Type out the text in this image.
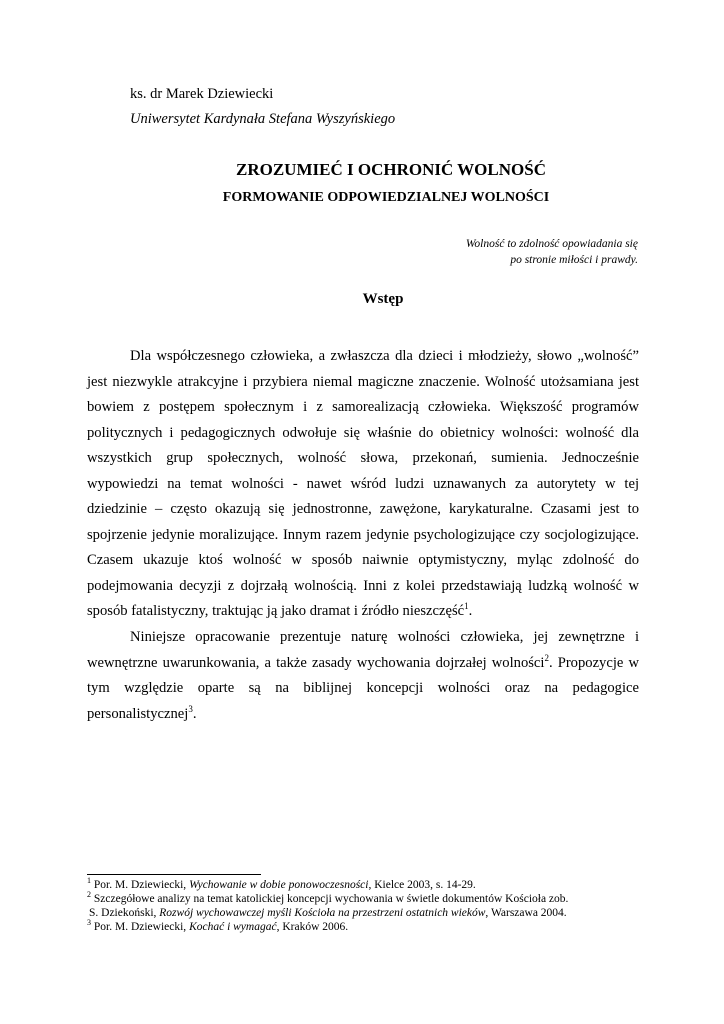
ks. dr Marek Dziewiecki
Uniwersytet Kardynała Stefana Wyszyńskiego
ZROZUMIEĆ I OCHRONIĆ WOLNOŚĆ
FORMOWANIE ODPOWIEDZIALNEJ WOLNOŚCI
Wolność to zdolność opowiadania się
po stronie miłości i prawdy.
Wstęp

Dla współczesnego człowieka, a zwłaszcza dla dzieci i młodzieży, słowo „wolność”
jest niezwykle atrakcyjne i przybiera niemal magiczne znaczenie. Wolność utożsamiana jest
bowiem z postępem społecznym i z samorealizacją człowieka. Większość programów
politycznych i pedagogicznych odwołuje się właśnie do obietnicy wolności: wolność dla
wszystkich grup społecznych, wolność słowa, przekonań, sumienia. Jednocześnie
wypowiedzi na temat wolności - nawet wśród ludzi uznawanych za autorytety w tej
dziedzinie – często okazują się jednostronne, zawężone, karykaturalne. Czasami jest to
spojrzenie jedynie moralizujące. Innym razem jedynie psychologizujące czy socjologizujące.
Czasem ukazuje ktoś wolność w sposób naiwnie optymistyczny, myląc zdolność do
podejmowania decyzji z dojrzałą wolnością. Inni z kolei przedstawiają ludzką wolność w
sposób fatalistyczny, traktując ją jako dramat i źródło nieszczęść$^1$.

Niniejsze opracowanie prezentuje naturę wolności człowieka, jej zewnętrzne i
wewnętrzne uwarunkowania, a także zasady wychowania dojrzałej wolności$^2$. Propozycje w
tym względzie oparte są na biblijnej koncepcji wolności oraz na pedagogice
personalistycznej$^3$.

$^1$ Por. M. Dziewiecki, Wychowanie w dobie ponowoczesności, Kielce 2003, s. 14-29.
$^2$ Szczegółowe analizy na temat katolickiej koncepcji wychowania w świetle dokumentów Kościoła zob.
S. Dziekoński, Rozwój wychowawczej myśli Kościoła na przestrzeni ostatnich wieków, Warszawa 2004.
$^3$ Por. M. Dziewiecki, Kochać i wymagać, Kraków 2006.
